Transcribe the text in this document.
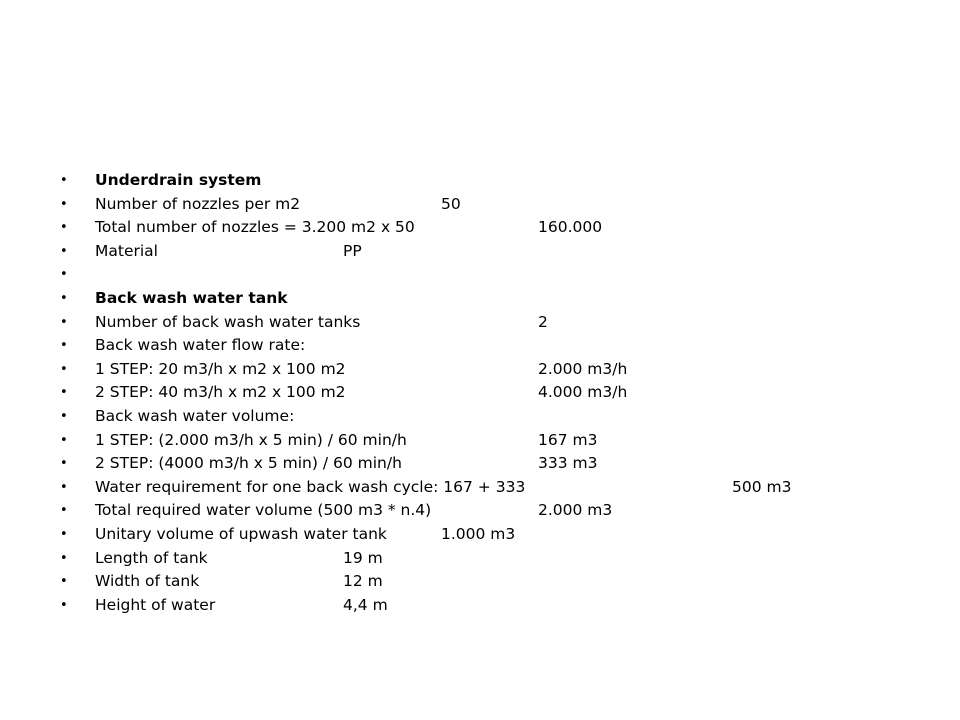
• Underdrain system
• Number of nozzles per m2	50
• Total number of nozzles = 3.200 m2 x 50	160.000
• Material	PP
•
• Back wash water tank
• Number of back wash water tanks	2
• Back wash water flow rate:
• 1 STEP: 20 m3/h x m2 x 100 m2	2.000 m3/h
• 2 STEP: 40 m3/h x m2 x 100 m2	4.000 m3/h
• Back wash water volume:
• 1 STEP: (2.000 m3/h x 5 min) / 60 min/h	167 m3
• 2 STEP: (4000 m3/h x 5 min) / 60 min/h	333 m3
• Water requirement for one back wash cycle: 167 + 333	500 m3
• Total required water volume (500 m3 * n.4)	2.000 m3
• Unitary volume of upwash water tank	1.000 m3
• Length of tank	19 m
• Width of tank	12 m
• Height of water	4,4 m
